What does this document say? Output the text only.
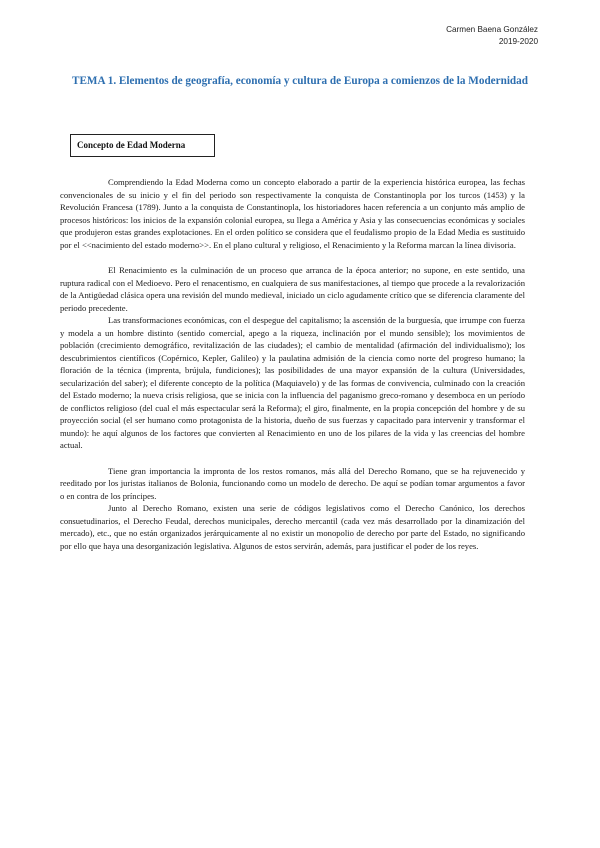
Carmen Baena González
2019-2020
TEMA 1. Elementos de geografía, economía y cultura de Europa a comienzos de la Modernidad
Concepto de Edad Moderna

Comprendiendo la Edad Moderna como un concepto elaborado a partir de la experiencia histórica europea, las fechas convencionales de su inicio y el fin del periodo son respectivamente la conquista de Constantinopla por los turcos (1453) y la Revolución Francesa (1789). Junto a la conquista de Constantinopla, los historiadores hacen referencia a un conjunto más amplio de procesos históricos: los inicios de la expansión colonial europea, su llega a América y Asia y las consecuencias económicas y sociales que produjeron estas grandes explotaciones. En el orden político se considera que el feudalismo propio de la Edad Media es sustituido por el <<nacimiento del estado moderno>>. En el plano cultural y religioso, el Renacimiento y la Reforma marcan la línea divisoria.

El Renacimiento es la culminación de un proceso que arranca de la época anterior; no supone, en este sentido, una ruptura radical con el Medioevo. Pero el renacentismo, en cualquiera de sus manifestaciones, al tiempo que procede a la revalorización de la Antigüedad clásica opera una revisión del mundo medieval, iniciado un ciclo agudamente crítico que se diferencia claramente del periodo precedente.

Las transformaciones económicas, con el despegue del capitalismo; la ascensión de la burguesía, que irrumpe con fuerza y modela a un hombre distinto (sentido comercial, apego a la riqueza, inclinación por el mundo sensible); los movimientos de población (crecimiento demográfico, revitalización de las ciudades); el cambio de mentalidad (afirmación del individualismo); los descubrimientos científicos (Copérnico, Kepler, Galileo) y la paulatina admisión de la ciencia como norte del progreso humano; la floración de la técnica (imprenta, brújula, fundiciones); las posibilidades de una mayor expansión de la cultura (Universidades, secularización del saber); el diferente concepto de la política (Maquiavelo) y de las formas de convivencia, culminado con la creación del Estado moderno; la nueva crisis religiosa, que se inicia con la influencia del paganismo greco-romano y desemboca en un período de conflictos religioso (del cual el más espectacular será la Reforma); el giro, finalmente, en la propia concepción del hombre y de su proyección social (el ser humano como protagonista de la historia, dueño de sus fuerzas y capacitado para intervenir y transformar el mundo): he aquí algunos de los factores que convierten al Renacimiento en uno de los pilares de la vida y las creencias del hombre actual.

Tiene gran importancia la impronta de los restos romanos, más allá del Derecho Romano, que se ha rejuvenecido y reeditado por los juristas italianos de Bolonia, funcionando como un modelo de derecho. De aquí se podían tomar argumentos a favor o en contra de los príncipes.

Junto al Derecho Romano, existen una serie de códigos legislativos como el Derecho Canónico, los derechos consuetudinarios, el Derecho Feudal, derechos municipales, derecho mercantil (cada vez más desarrollado por la dinamización del mercado), etc., que no están organizados jerárquicamente al no existir un monopolio de derecho por parte del Estado, no significando por ello que haya una desorganización legislativa. Algunos de estos servirán, además, para justificar el poder de los reyes.
